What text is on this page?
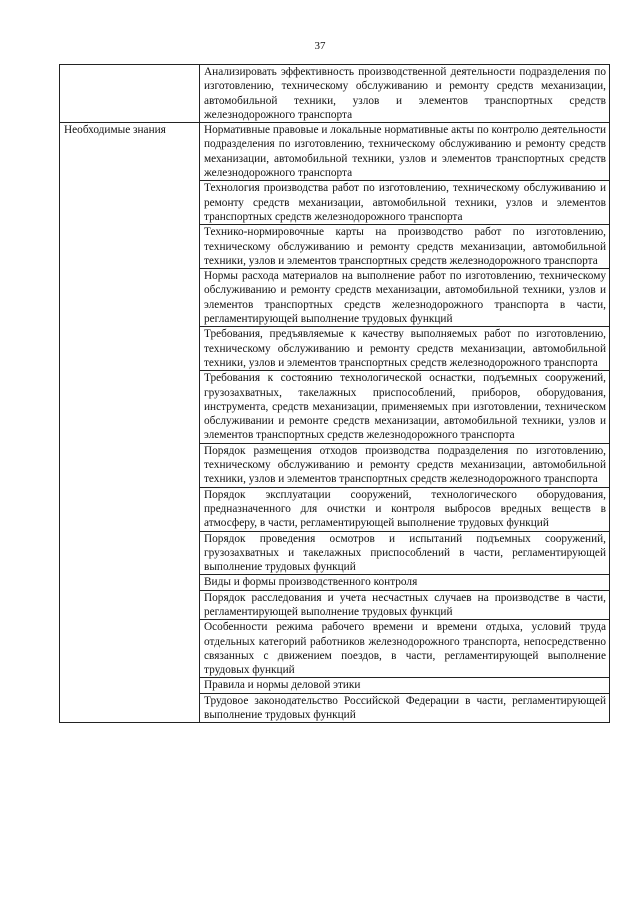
37
	Анализировать эффективность производственной деятельности подразделения по изготовлению, техническому обслуживанию и ремонту средств механизации, автомобильной техники, узлов и элементов транспортных средств железнодорожного транспорта
Необходимые знания	Нормативные правовые и локальные нормативные акты по контролю деятельности подразделения по изготовлению, техническому обслуживанию и ремонту средств механизации, автомобильной техники, узлов и элементов транспортных средств железнодорожного транспорта
	Технология производства работ по изготовлению, техническому обслуживанию и ремонту средств механизации, автомобильной техники, узлов и элементов транспортных средств железнодорожного транспорта
	Технико-нормировочные карты на производство работ по изготовлению, техническому обслуживанию и ремонту средств механизации, автомобильной техники, узлов и элементов транспортных средств железнодорожного транспорта
	Нормы расхода материалов на выполнение работ по изготовлению, техническому обслуживанию и ремонту средств механизации, автомобильной техники, узлов и элементов транспортных средств железнодорожного транспорта в части, регламентирующей выполнение трудовых функций
	Требования, предъявляемые к качеству выполняемых работ по изготовлению, техническому обслуживанию и ремонту средств механизации, автомобильной техники, узлов и элементов транспортных средств железнодорожного транспорта
	Требования к состоянию технологической оснастки, подъемных сооружений, грузозахватных, такелажных приспособлений, приборов, оборудования, инструмента, средств механизации, применяемых при изготовлении, техническом обслуживании и ремонте средств механизации, автомобильной техники, узлов и элементов транспортных средств железнодорожного транспорта
	Порядок размещения отходов производства подразделения по изготовлению, техническому обслуживанию и ремонту средств механизации, автомобильной техники, узлов и элементов транспортных средств железнодорожного транспорта
	Порядок эксплуатации сооружений, технологического оборудования, предназначенного для очистки и контроля выбросов вредных веществ в атмосферу, в части, регламентирующей выполнение трудовых функций
	Порядок проведения осмотров и испытаний подъемных сооружений, грузозахватных и такелажных приспособлений в части, регламентирующей выполнение трудовых функций
	Виды и формы производственного контроля
	Порядок расследования и учета несчастных случаев на производстве в части, регламентирующей выполнение трудовых функций
	Особенности режима рабочего времени и времени отдыха, условий труда отдельных категорий работников железнодорожного транспорта, непосредственно связанных с движением поездов, в части, регламентирующей выполнение трудовых функций
	Правила и нормы деловой этики
	Трудовое законодательство Российской Федерации в части, регламентирующей выполнение трудовых функций
